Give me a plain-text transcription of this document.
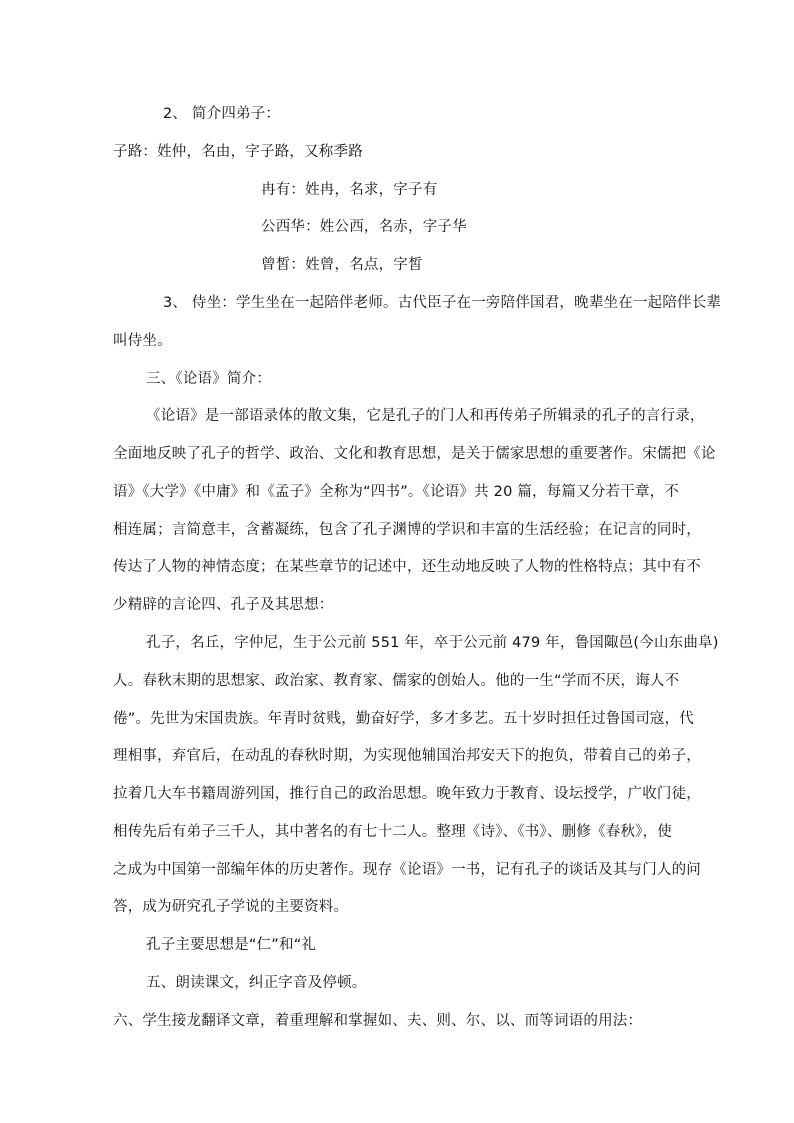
2、 简介四弟子：
子路：姓仲，名由，字子路，又称季路
冉有：姓冉，名求，字子有
公西华：姓公西，名赤，字子华
曾皙：姓曾，名点，字皙
3、 侍坐：学生坐在一起陪伴老师。古代臣子在一旁陪伴国君，晚辈坐在一起陪伴长辈
叫侍坐。
三、《论语》简介：
《论语》是一部语录体的散文集，它是孔子的门人和再传弟子所辑录的孔子的言行录，
全面地反映了孔子的哲学、政治、文化和教育思想，是关于儒家思想的重要著作。宋儒把《论
语》《大学》《中庸》和《孟子》全称为“四书”。《论语》共 20 篇，每篇又分若干章，不
相连属；言简意丰，含蓄凝练，包含了孔子渊博的学识和丰富的生活经验；在记言的同时，
传达了人物的神情态度；在某些章节的记述中，还生动地反映了人物的性格特点；其中有不
少精辟的言论四、孔子及其思想：
孔子，名丘，字仲尼，生于公元前 551 年，卒于公元前 479 年，鲁国陬邑(今山东曲阜)
人。春秋末期的思想家、政治家、教育家、儒家的创始人。他的一生“学而不厌，诲人不
倦”。先世为宋国贵族。年青时贫贱，勤奋好学，多才多艺。五十岁时担任过鲁国司寇，代
理相事，弃官后，在动乱的春秋时期，为实现他辅国治邦安天下的抱负，带着自己的弟子，
拉着几大车书籍周游列国，推行自己的政治思想。晚年致力于教育、设坛授学，广收门徒，
相传先后有弟子三千人，其中著名的有七十二人。整理《诗》、《书》、删修《春秋》，使
之成为中国第一部编年体的历史著作。现存《论语》一书，记有孔子的谈话及其与门人的问
答，成为研究孔子学说的主要资料。
孔子主要思想是“仁”和“礼
五、朗读课文，纠正字音及停顿。
六、学生接龙翻译文章，着重理解和掌握如、夫、则、尔、以、而等词语的用法：
